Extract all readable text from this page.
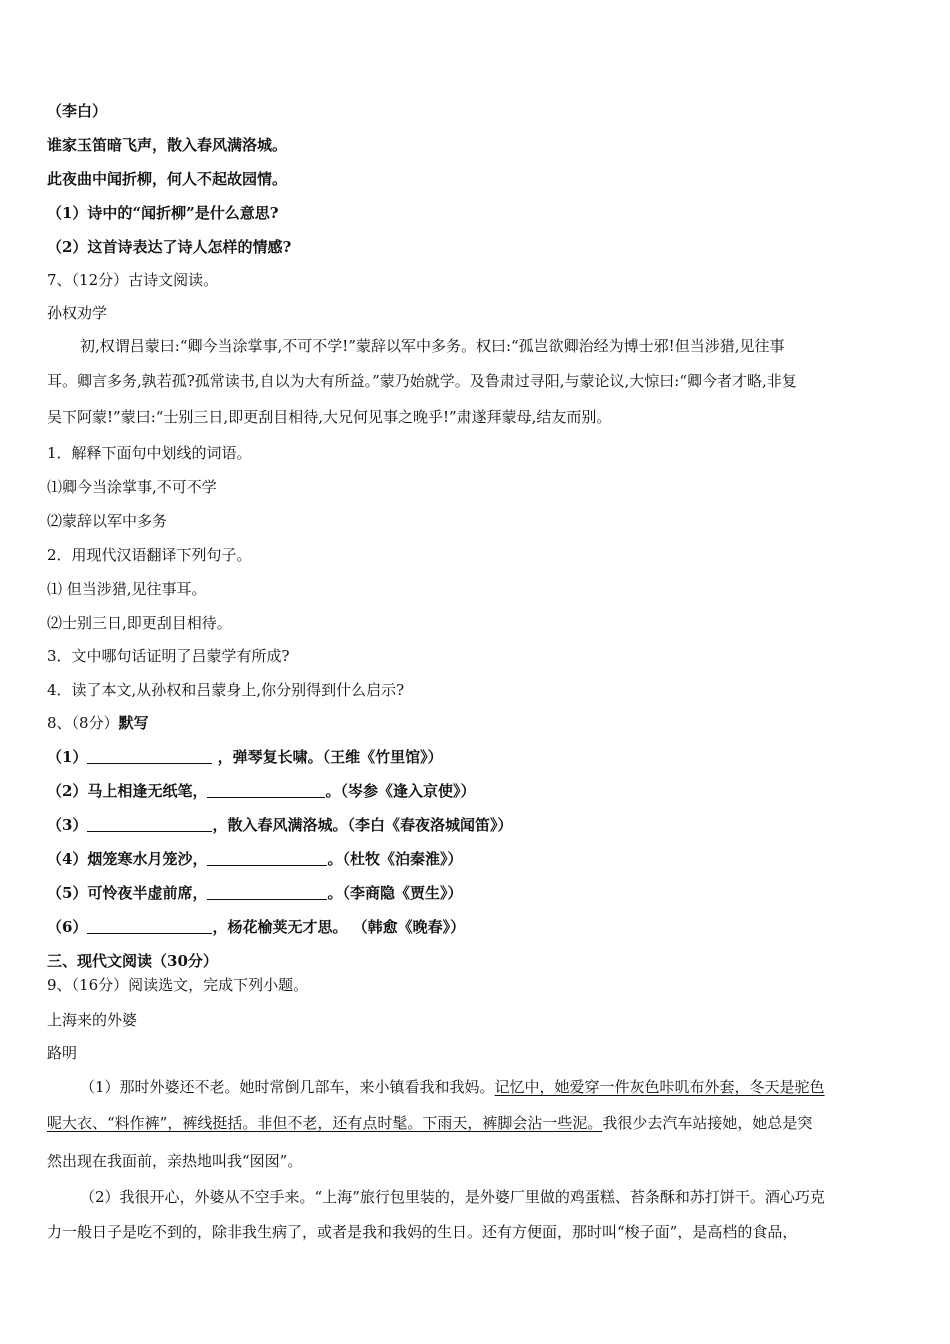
（李白）
谁家玉笛暗飞声，散入春风满洛城。
此夜曲中闻折柳，何人不起故园情。
（1）诗中的“闻折柳”是什么意思?
（2）这首诗表达了诗人怎样的情感?
7、（12分）古诗文阅读。
孙权劝学
初,权谓吕蒙曰:“卿今当涂掌事,不可不学!”蒙辞以军中多务。权曰:“孤岂欲卿治经为博士邪!但当涉猎,见往事
耳。卿言多务,孰若孤?孤常读书,自以为大有所益。”蒙乃始就学。及鲁肃过寻阳,与蒙论议,大惊曰:“卿今者才略,非复
吴下阿蒙!”蒙曰:“士别三日,即更刮目相待,大兄何见事之晚乎!”肃遂拜蒙母,结友而别。
1．解释下面句中划线的词语。
⑴卿今当涂掌事,不可不学
⑵蒙辞以军中多务
2．用现代汉语翻译下列句子。
⑴ 但当涉猎,见往事耳。
⑵士别三日,即更刮目相待。
3．文中哪句话证明了吕蒙学有所成?
4．读了本文,从孙权和吕蒙身上,你分别得到什么启示?
8、（8分）默写
（1）	，弹琴复长啸。（王维《竹里馆》）
（2）马上相逢无纸笔，	。（岑参《逢入京使》）
（3）	，散入春风满洛城。（李白《春夜洛城闻笛》）
（4）烟笼寒水月笼沙，	。（杜牧《泊秦淮》）
（5）可怜夜半虚前席，	。（李商隐《贾生》）
（6）	，杨花榆荚无才思。 （韩愈《晚春》）
三、现代文阅读（30分）
9、（16分）阅读选文，完成下列小题。
上海来的外婆
路明
（1）那时外婆还不老。她时常倒几部车，来小镇看我和我妈。记忆中，她爱穿一件灰色咔叽布外套，冬天是驼色
呢大衣、“料作裤”，裤线挺括。非但不老，还有点时髦。下雨天，裤脚会沾一些泥。我很少去汽车站接她，她总是突
然出现在我面前，亲热地叫我“囡囡”。
（2）我很开心，外婆从不空手来。“上海”旅行包里装的，是外婆厂里做的鸡蛋糕、苔条酥和苏打饼干。酒心巧克
力一般日子是吃不到的，除非我生病了，或者是我和我妈的生日。还有方便面，那时叫“梭子面”，是高档的食品，
